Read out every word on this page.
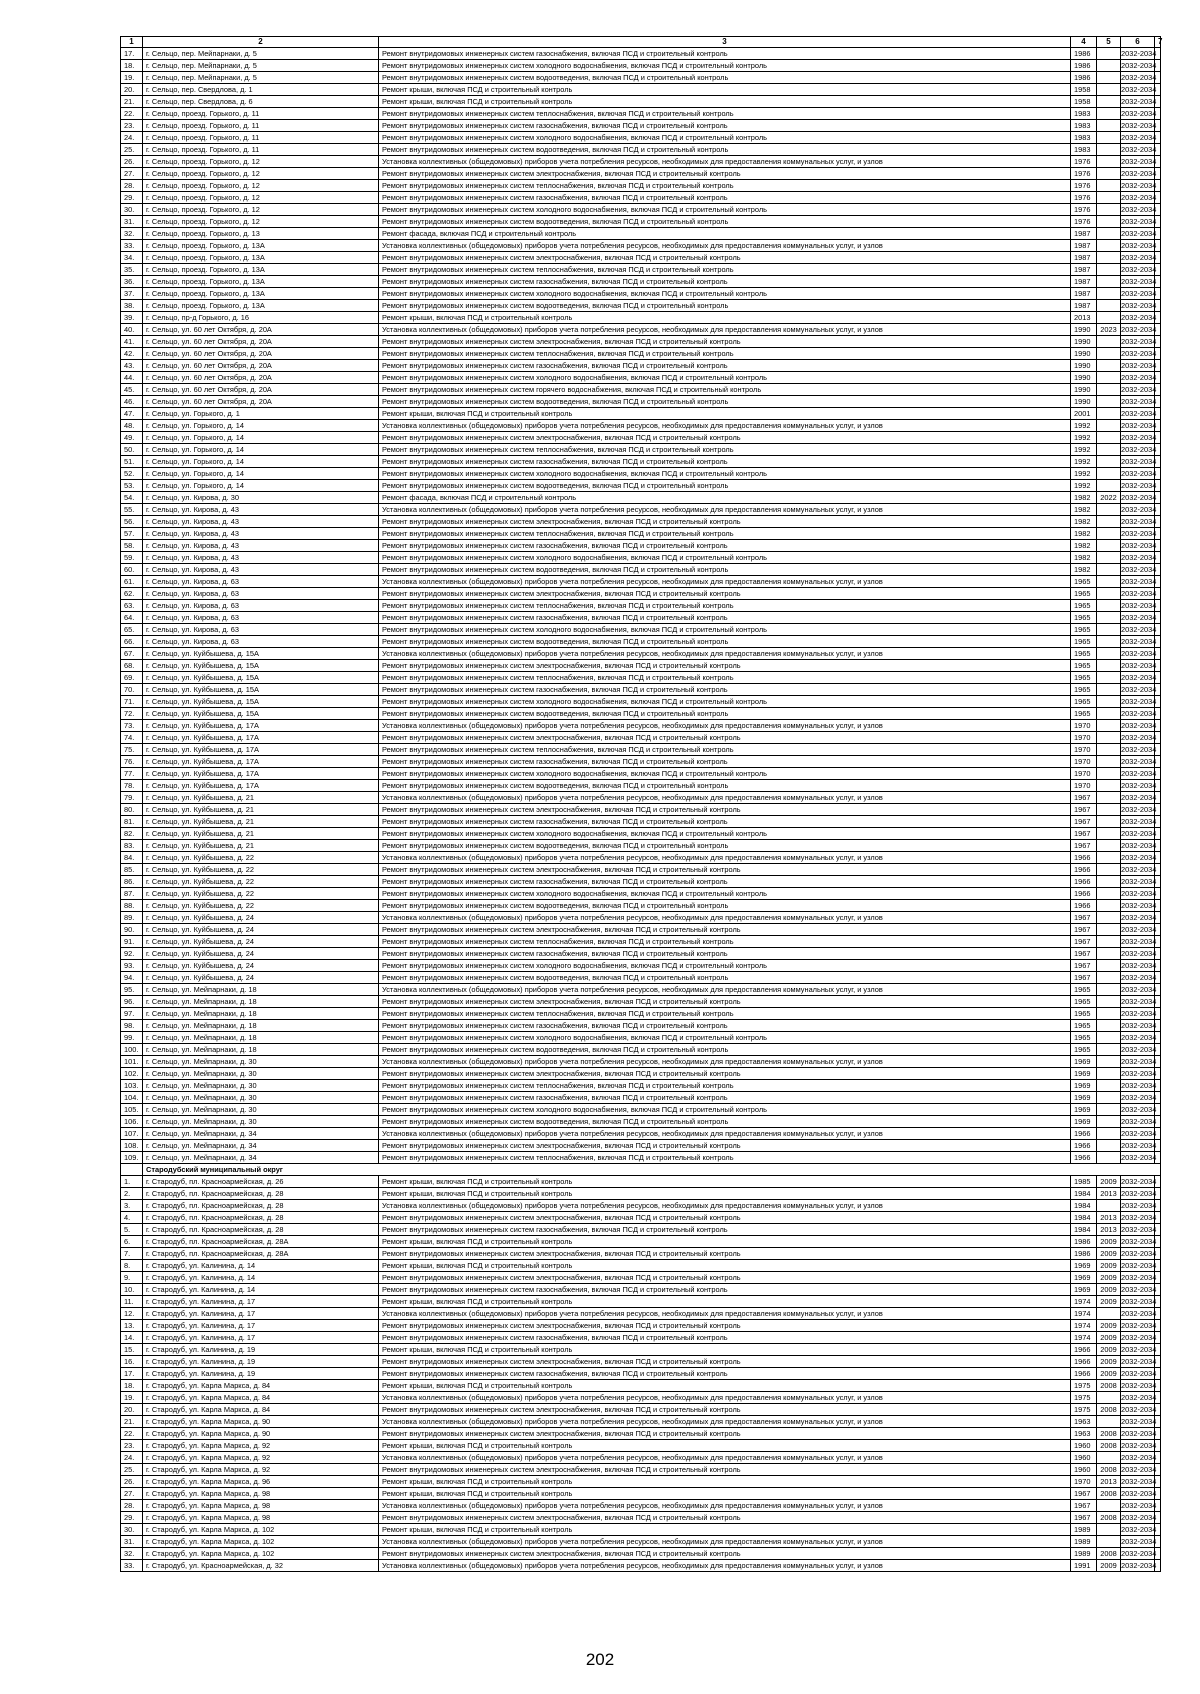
1	2	3	4	5	6	7
17.	г. Сельцо, пер. Мейпарнаки, д. 5	Ремонт внутридомовых инженерных систем газоснабжения, включая ПСД и строительный контроль	1986		2032-2034	
18.	г. Сельцо, пер. Мейпарнаки, д. 5	Ремонт внутридомовых инженерных систем холодного водоснабжения, включая ПСД и строительный контроль	1986		2032-2034	
19.	г. Сельцо, пер. Мейпарнаки, д. 5	Ремонт внутридомовых инженерных систем водоотведения, включая ПСД и строительный контроль	1986		2032-2034	
20.	г. Сельцо, пер. Свердлова, д. 1	Ремонт крыши, включая ПСД и строительный контроль	1958		2032-2034	
21.	г. Сельцо, пер. Свердлова, д. 6	Ремонт крыши, включая ПСД и строительный контроль	1958		2032-2034	
22.	г. Сельцо, проезд. Горького, д. 11	Ремонт внутридомовых инженерных систем теплоснабжения, включая ПСД и строительный контроль	1983		2032-2034	
23.	г. Сельцо, проезд. Горького, д. 11	Ремонт внутридомовых инженерных систем газоснабжения, включая ПСД и строительный контроль	1983		2032-2034	
24.	г. Сельцо, проезд. Горького, д. 11	Ремонт внутридомовых инженерных систем холодного водоснабжения, включая ПСД и строительный контроль	1983		2032-2034	
25.	г. Сельцо, проезд. Горького, д. 11	Ремонт внутридомовых инженерных систем водоотведения, включая ПСД и строительный контроль	1983		2032-2034	
26.	г. Сельцо, проезд. Горького, д. 12	Установка коллективных (общедомовых) приборов учета потребления ресурсов, необходимых для предоставления коммунальных услуг, и узлов	1976		2032-2034	
27.	г. Сельцо, проезд. Горького, д. 12	Ремонт внутридомовых инженерных систем электроснабжения, включая ПСД и строительный контроль	1976		2032-2034	
28.	г. Сельцо, проезд. Горького, д. 12	Ремонт внутридомовых инженерных систем теплоснабжения, включая ПСД и строительный контроль	1976		2032-2034	
29.	г. Сельцо, проезд. Горького, д. 12	Ремонт внутридомовых инженерных систем газоснабжения, включая ПСД и строительный контроль	1976		2032-2034	
30.	г. Сельцо, проезд. Горького, д. 12	Ремонт внутридомовых инженерных систем холодного водоснабжения, включая ПСД и строительный контроль	1976		2032-2034	
31.	г. Сельцо, проезд. Горького, д. 12	Ремонт внутридомовых инженерных систем водоотведения, включая ПСД и строительный контроль	1976		2032-2034	
32.	г. Сельцо, проезд. Горького, д. 13	Ремонт фасада, включая ПСД и строительный контроль	1987		2032-2034	
33.	г. Сельцо, проезд. Горького, д. 13А	Установка коллективных (общедомовых) приборов учета потребления ресурсов, необходимых для предоставления коммунальных услуг, и узлов	1987		2032-2034	
34.	г. Сельцо, проезд. Горького, д. 13А	Ремонт внутридомовых инженерных систем электроснабжения, включая ПСД и строительный контроль	1987		2032-2034	
35.	г. Сельцо, проезд. Горького, д. 13А	Ремонт внутридомовых инженерных систем теплоснабжения, включая ПСД и строительный контроль	1987		2032-2034	
36.	г. Сельцо, проезд. Горького, д. 13А	Ремонт внутридомовых инженерных систем газоснабжения, включая ПСД и строительный контроль	1987		2032-2034	
37.	г. Сельцо, проезд. Горького, д. 13А	Ремонт внутридомовых инженерных систем холодного водоснабжения, включая ПСД и строительный контроль	1987		2032-2034	
38.	г. Сельцо, проезд. Горького, д. 13А	Ремонт внутридомовых инженерных систем водоотведения, включая ПСД и строительный контроль	1987		2032-2034	
39.	г. Сельцо, пр-д Горького, д. 16	Ремонт крыши, включая ПСД и строительный контроль	2013		2032-2034	
40.	г. Сельцо, ул. 60 лет Октября, д. 20А	Установка коллективных (общедомовых) приборов учета потребления ресурсов, необходимых для предоставления коммунальных услуг, и узлов	1990	2023	2032-2034	
41.	г. Сельцо, ул. 60 лет Октября, д. 20А	Ремонт внутридомовых инженерных систем электроснабжения, включая ПСД и строительный контроль	1990		2032-2034	
42.	г. Сельцо, ул. 60 лет Октября, д. 20А	Ремонт внутридомовых инженерных систем теплоснабжения, включая ПСД и строительный контроль	1990		2032-2034	
43.	г. Сельцо, ул. 60 лет Октября, д. 20А	Ремонт внутридомовых инженерных систем газоснабжения, включая ПСД и строительный контроль	1990		2032-2034	
44.	г. Сельцо, ул. 60 лет Октября, д. 20А	Ремонт внутридомовых инженерных систем холодного водоснабжения, включая ПСД и строительный контроль	1990		2032-2034	
45.	г. Сельцо, ул. 60 лет Октября, д. 20А	Ремонт внутридомовых инженерных систем горячего водоснабжения, включая ПСД и строительный контроль	1990		2032-2034	
46.	г. Сельцо, ул. 60 лет Октября, д. 20А	Ремонт внутридомовых инженерных систем водоотведения, включая ПСД и строительный контроль	1990		2032-2034	
47.	г. Сельцо, ул. Горького, д. 1	Ремонт крыши, включая ПСД и строительный контроль	2001		2032-2034	
48.	г. Сельцо, ул. Горького, д. 14	Установка коллективных (общедомовых) приборов учета потребления ресурсов, необходимых для предоставления коммунальных услуг, и узлов	1992		2032-2034	
49.	г. Сельцо, ул. Горького, д. 14	Ремонт внутридомовых инженерных систем электроснабжения, включая ПСД и строительный контроль	1992		2032-2034	
50.	г. Сельцо, ул. Горького, д. 14	Ремонт внутридомовых инженерных систем теплоснабжения, включая ПСД и строительный контроль	1992		2032-2034	
51.	г. Сельцо, ул. Горького, д. 14	Ремонт внутридомовых инженерных систем газоснабжения, включая ПСД и строительный контроль	1992		2032-2034	
52.	г. Сельцо, ул. Горького, д. 14	Ремонт внутридомовых инженерных систем холодного водоснабжения, включая ПСД и строительный контроль	1992		2032-2034	
53.	г. Сельцо, ул. Горького, д. 14	Ремонт внутридомовых инженерных систем водоотведения, включая ПСД и строительный контроль	1992		2032-2034	
54.	г. Сельцо, ул. Кирова, д. 30	Ремонт фасада, включая ПСД и строительный контроль	1982	2022	2032-2034	
55.	г. Сельцо, ул. Кирова, д. 43	Установка коллективных (общедомовых) приборов учета потребления ресурсов, необходимых для предоставления коммунальных услуг, и узлов	1982		2032-2034	
56.	г. Сельцо, ул. Кирова, д. 43	Ремонт внутридомовых инженерных систем электроснабжения, включая ПСД и строительный контроль	1982		2032-2034	
57.	г. Сельцо, ул. Кирова, д. 43	Ремонт внутридомовых инженерных систем теплоснабжения, включая ПСД и строительный контроль	1982		2032-2034	
58.	г. Сельцо, ул. Кирова, д. 43	Ремонт внутридомовых инженерных систем газоснабжения, включая ПСД и строительный контроль	1982		2032-2034	
59.	г. Сельцо, ул. Кирова, д. 43	Ремонт внутридомовых инженерных систем холодного водоснабжения, включая ПСД и строительный контроль	1982		2032-2034	
60.	г. Сельцо, ул. Кирова, д. 43	Ремонт внутридомовых инженерных систем водоотведения, включая ПСД и строительный контроль	1982		2032-2034	
61.	г. Сельцо, ул. Кирова, д. 63	Установка коллективных (общедомовых) приборов учета потребления ресурсов, необходимых для предоставления коммунальных услуг, и узлов	1965		2032-2034	
62.	г. Сельцо, ул. Кирова, д. 63	Ремонт внутридомовых инженерных систем электроснабжения, включая ПСД и строительный контроль	1965		2032-2034	
63.	г. Сельцо, ул. Кирова, д. 63	Ремонт внутридомовых инженерных систем теплоснабжения, включая ПСД и строительный контроль	1965		2032-2034	
64.	г. Сельцо, ул. Кирова, д. 63	Ремонт внутридомовых инженерных систем газоснабжения, включая ПСД и строительный контроль	1965		2032-2034	
65.	г. Сельцо, ул. Кирова, д. 63	Ремонт внутридомовых инженерных систем холодного водоснабжения, включая ПСД и строительный контроль	1965		2032-2034	
66.	г. Сельцо, ул. Кирова, д. 63	Ремонт внутридомовых инженерных систем водоотведения, включая ПСД и строительный контроль	1965		2032-2034	
67.	г. Сельцо, ул. Куйбышева, д. 15А	Установка коллективных (общедомовых) приборов учета потребления ресурсов, необходимых для предоставления коммунальных услуг, и узлов	1965		2032-2034	
68.	г. Сельцо, ул. Куйбышева, д. 15А	Ремонт внутридомовых инженерных систем электроснабжения, включая ПСД и строительный контроль	1965		2032-2034	
69.	г. Сельцо, ул. Куйбышева, д. 15А	Ремонт внутридомовых инженерных систем теплоснабжения, включая ПСД и строительный контроль	1965		2032-2034	
70.	г. Сельцо, ул. Куйбышева, д. 15А	Ремонт внутридомовых инженерных систем газоснабжения, включая ПСД и строительный контроль	1965		2032-2034	
71.	г. Сельцо, ул. Куйбышева, д. 15А	Ремонт внутридомовых инженерных систем холодного водоснабжения, включая ПСД и строительный контроль	1965		2032-2034	
72.	г. Сельцо, ул. Куйбышева, д. 15А	Ремонт внутридомовых инженерных систем водоотведения, включая ПСД и строительный контроль	1965		2032-2034	
73.	г. Сельцо, ул. Куйбышева, д. 17А	Установка коллективных (общедомовых) приборов учета потребления ресурсов, необходимых для предоставления коммунальных услуг, и узлов	1970		2032-2034	
74.	г. Сельцо, ул. Куйбышева, д. 17А	Ремонт внутридомовых инженерных систем электроснабжения, включая ПСД и строительный контроль	1970		2032-2034	
75.	г. Сельцо, ул. Куйбышева, д. 17А	Ремонт внутридомовых инженерных систем теплоснабжения, включая ПСД и строительный контроль	1970		2032-2034	
76.	г. Сельцо, ул. Куйбышева, д. 17А	Ремонт внутридомовых инженерных систем газоснабжения, включая ПСД и строительный контроль	1970		2032-2034	
77.	г. Сельцо, ул. Куйбышева, д. 17А	Ремонт внутридомовых инженерных систем холодного водоснабжения, включая ПСД и строительный контроль	1970		2032-2034	
78.	г. Сельцо, ул. Куйбышева, д. 17А	Ремонт внутридомовых инженерных систем водоотведения, включая ПСД и строительный контроль	1970		2032-2034	
79.	г. Сельцо, ул. Куйбышева, д. 21	Установка коллективных (общедомовых) приборов учета потребления ресурсов, необходимых для предоставления коммунальных услуг, и узлов	1967		2032-2034	
80.	г. Сельцо, ул. Куйбышева, д. 21	Ремонт внутридомовых инженерных систем электроснабжения, включая ПСД и строительный контроль	1967		2032-2034	
81.	г. Сельцо, ул. Куйбышева, д. 21	Ремонт внутридомовых инженерных систем газоснабжения, включая ПСД и строительный контроль	1967		2032-2034	
82.	г. Сельцо, ул. Куйбышева, д. 21	Ремонт внутридомовых инженерных систем холодного водоснабжения, включая ПСД и строительный контроль	1967		2032-2034	
83.	г. Сельцо, ул. Куйбышева, д. 21	Ремонт внутридомовых инженерных систем водоотведения, включая ПСД и строительный контроль	1967		2032-2034	
84.	г. Сельцо, ул. Куйбышева, д. 22	Установка коллективных (общедомовых) приборов учета потребления ресурсов, необходимых для предоставления коммунальных услуг, и узлов	1966		2032-2034	
85.	г. Сельцо, ул. Куйбышева, д. 22	Ремонт внутридомовых инженерных систем электроснабжения, включая ПСД и строительный контроль	1966		2032-2034	
86.	г. Сельцо, ул. Куйбышева, д. 22	Ремонт внутридомовых инженерных систем газоснабжения, включая ПСД и строительный контроль	1966		2032-2034	
87.	г. Сельцо, ул. Куйбышева, д. 22	Ремонт внутридомовых инженерных систем холодного водоснабжения, включая ПСД и строительный контроль	1966		2032-2034	
88.	г. Сельцо, ул. Куйбышева, д. 22	Ремонт внутридомовых инженерных систем водоотведения, включая ПСД и строительный контроль	1966		2032-2034	
89.	г. Сельцо, ул. Куйбышева, д. 24	Установка коллективных (общедомовых) приборов учета потребления ресурсов, необходимых для предоставления коммунальных услуг, и узлов	1967		2032-2034	
90.	г. Сельцо, ул. Куйбышева, д. 24	Ремонт внутридомовых инженерных систем электроснабжения, включая ПСД и строительный контроль	1967		2032-2034	
91.	г. Сельцо, ул. Куйбышева, д. 24	Ремонт внутридомовых инженерных систем теплоснабжения, включая ПСД и строительный контроль	1967		2032-2034	
92.	г. Сельцо, ул. Куйбышева, д. 24	Ремонт внутридомовых инженерных систем газоснабжения, включая ПСД и строительный контроль	1967		2032-2034	
93.	г. Сельцо, ул. Куйбышева, д. 24	Ремонт внутридомовых инженерных систем холодного водоснабжения, включая ПСД и строительный контроль	1967		2032-2034	
94.	г. Сельцо, ул. Куйбышева, д. 24	Ремонт внутридомовых инженерных систем водоотведения, включая ПСД и строительный контроль	1967		2032-2034	
95.	г. Сельцо, ул. Мейпарнаки, д. 18	Установка коллективных (общедомовых) приборов учета потребления ресурсов, необходимых для предоставления коммунальных услуг, и узлов	1965		2032-2034	
96.	г. Сельцо, ул. Мейпарнаки, д. 18	Ремонт внутридомовых инженерных систем электроснабжения, включая ПСД и строительный контроль	1965		2032-2034	
97.	г. Сельцо, ул. Мейпарнаки, д. 18	Ремонт внутридомовых инженерных систем теплоснабжения, включая ПСД и строительный контроль	1965		2032-2034	
98.	г. Сельцо, ул. Мейпарнаки, д. 18	Ремонт внутридомовых инженерных систем газоснабжения, включая ПСД и строительный контроль	1965		2032-2034	
99.	г. Сельцо, ул. Мейпарнаки, д. 18	Ремонт внутридомовых инженерных систем холодного водоснабжения, включая ПСД и строительный контроль	1965		2032-2034	
100.	г. Сельцо, ул. Мейпарнаки, д. 18	Ремонт внутридомовых инженерных систем водоотведения, включая ПСД и строительный контроль	1965		2032-2034	
101.	г. Сельцо, ул. Мейпарнаки, д. 30	Установка коллективных (общедомовых) приборов учета потребления ресурсов, необходимых для предоставления коммунальных услуг, и узлов	1969		2032-2034	
102.	г. Сельцо, ул. Мейпарнаки, д. 30	Ремонт внутридомовых инженерных систем электроснабжения, включая ПСД и строительный контроль	1969		2032-2034	
103.	г. Сельцо, ул. Мейпарнаки, д. 30	Ремонт внутридомовых инженерных систем теплоснабжения, включая ПСД и строительный контроль	1969		2032-2034	
104.	г. Сельцо, ул. Мейпарнаки, д. 30	Ремонт внутридомовых инженерных систем газоснабжения, включая ПСД и строительный контроль	1969		2032-2034	
105.	г. Сельцо, ул. Мейпарнаки, д. 30	Ремонт внутридомовых инженерных систем холодного водоснабжения, включая ПСД и строительный контроль	1969		2032-2034	
106.	г. Сельцо, ул. Мейпарнаки, д. 30	Ремонт внутридомовых инженерных систем водоотведения, включая ПСД и строительный контроль	1969		2032-2034	
107.	г. Сельцо, ул. Мейпарнаки, д. 34	Установка коллективных (общедомовых) приборов учета потребления ресурсов, необходимых для предоставления коммунальных услуг, и узлов	1966		2032-2034	
108.	г. Сельцо, ул. Мейпарнаки, д. 34	Ремонт внутридомовых инженерных систем электроснабжения, включая ПСД и строительный контроль	1966		2032-2034	
109.	г. Сельцо, ул. Мейпарнаки, д. 34	Ремонт внутридомовых инженерных систем теплоснабжения, включая ПСД и строительный контроль	1966		2032-2034	
	Стародубский муниципальный округ					
1.	г. Стародуб, пл. Красноармейская, д. 26	Ремонт крыши, включая ПСД и строительный контроль	1985	2009	2032-2034	
2.	г. Стародуб, пл. Красноармейская, д. 28	Ремонт крыши, включая ПСД и строительный контроль	1984	2013	2032-2034	
3.	г. Стародуб, пл. Красноармейская, д. 28	Установка коллективных (общедомовых) приборов учета потребления ресурсов, необходимых для предоставления коммунальных услуг, и узлов	1984		2032-2034	
4.	г. Стародуб, пл. Красноармейская, д. 28	Ремонт внутридомовых инженерных систем электроснабжения, включая ПСД и строительный контроль	1984	2013	2032-2034	
5.	г. Стародуб, пл. Красноармейская, д. 28	Ремонт внутридомовых инженерных систем газоснабжения, включая ПСД и строительный контроль	1984	2013	2032-2034	
6.	г. Стародуб, пл. Красноармейская, д. 28А	Ремонт крыши, включая ПСД и строительный контроль	1986	2009	2032-2034	
7.	г. Стародуб, пл. Красноармейская, д. 28А	Ремонт внутридомовых инженерных систем электроснабжения, включая ПСД и строительный контроль	1986	2009	2032-2034	
8.	г. Стародуб, ул. Калинина, д. 14	Ремонт крыши, включая ПСД и строительный контроль	1969	2009	2032-2034	
9.	г. Стародуб, ул. Калинина, д. 14	Ремонт внутридомовых инженерных систем электроснабжения, включая ПСД и строительный контроль	1969	2009	2032-2034	
10.	г. Стародуб, ул. Калинина, д. 14	Ремонт внутридомовых инженерных систем газоснабжения, включая ПСД и строительный контроль	1969	2009	2032-2034	
11.	г. Стародуб, ул. Калинина, д. 17	Ремонт крыши, включая ПСД и строительный контроль	1974	2009	2032-2034	
12.	г. Стародуб, ул. Калинина, д. 17	Установка коллективных (общедомовых) приборов учета потребления ресурсов, необходимых для предоставления коммунальных услуг, и узлов	1974		2032-2034	
13.	г. Стародуб, ул. Калинина, д. 17	Ремонт внутридомовых инженерных систем электроснабжения, включая ПСД и строительный контроль	1974	2009	2032-2034	
14.	г. Стародуб, ул. Калинина, д. 17	Ремонт внутридомовых инженерных систем газоснабжения, включая ПСД и строительный контроль	1974	2009	2032-2034	
15.	г. Стародуб, ул. Калинина, д. 19	Ремонт крыши, включая ПСД и строительный контроль	1966	2009	2032-2034	
16.	г. Стародуб, ул. Калинина, д. 19	Ремонт внутридомовых инженерных систем электроснабжения, включая ПСД и строительный контроль	1966	2009	2032-2034	
17.	г. Стародуб, ул. Калинина, д. 19	Ремонт внутридомовых инженерных систем газоснабжения, включая ПСД и строительный контроль	1966	2009	2032-2034	
18.	г. Стародуб, ул. Карла Маркса, д. 84	Ремонт крыши, включая ПСД и строительный контроль	1975	2008	2032-2034	
19.	г. Стародуб, ул. Карла Маркса, д. 84	Установка коллективных (общедомовых) приборов учета потребления ресурсов, необходимых для предоставления коммунальных услуг, и узлов	1975		2032-2034	
20.	г. Стародуб, ул. Карла Маркса, д. 84	Ремонт внутридомовых инженерных систем электроснабжения, включая ПСД и строительный контроль	1975	2008	2032-2034	
21.	г. Стародуб, ул. Карла Маркса, д. 90	Установка коллективных (общедомовых) приборов учета потребления ресурсов, необходимых для предоставления коммунальных услуг, и узлов	1963		2032-2034	
22.	г. Стародуб, ул. Карла Маркса, д. 90	Ремонт внутридомовых инженерных систем электроснабжения, включая ПСД и строительный контроль	1963	2008	2032-2034	
23.	г. Стародуб, ул. Карла Маркса, д. 92	Ремонт крыши, включая ПСД и строительный контроль	1960	2008	2032-2034	
24.	г. Стародуб, ул. Карла Маркса, д. 92	Установка коллективных (общедомовых) приборов учета потребления ресурсов, необходимых для предоставления коммунальных услуг, и узлов	1960		2032-2034	
25.	г. Стародуб, ул. Карла Маркса, д. 92	Ремонт внутридомовых инженерных систем электроснабжения, включая ПСД и строительный контроль	1960	2008	2032-2034	
26.	г. Стародуб, ул. Карла Маркса, д. 96	Ремонт крыши, включая ПСД и строительный контроль	1970	2013	2032-2034	
27.	г. Стародуб, ул. Карла Маркса, д. 98	Ремонт крыши, включая ПСД и строительный контроль	1967	2008	2032-2034	
28.	г. Стародуб, ул. Карла Маркса, д. 98	Установка коллективных (общедомовых) приборов учета потребления ресурсов, необходимых для предоставления коммунальных услуг, и узлов	1967		2032-2034	
29.	г. Стародуб, ул. Карла Маркса, д. 98	Ремонт внутридомовых инженерных систем электроснабжения, включая ПСД и строительный контроль	1967	2008	2032-2034	
30.	г. Стародуб, ул. Карла Маркса, д. 102	Ремонт крыши, включая ПСД и строительный контроль	1989		2032-2034	
31.	г. Стародуб, ул. Карла Маркса, д. 102	Установка коллективных (общедомовых) приборов учета потребления ресурсов, необходимых для предоставления коммунальных услуг, и узлов	1989		2032-2034	
32.	г. Стародуб, ул. Карла Маркса, д. 102	Ремонт внутридомовых инженерных систем электроснабжения, включая ПСД и строительный контроль	1989	2008	2032-2034	
33.	г. Стародуб, ул. Красноармейская, д. 32	Установка коллективных (общедомовых) приборов учета потребления ресурсов, необходимых для предоставления коммунальных услуг, и узлов	1991	2009	2032-2034	
202
